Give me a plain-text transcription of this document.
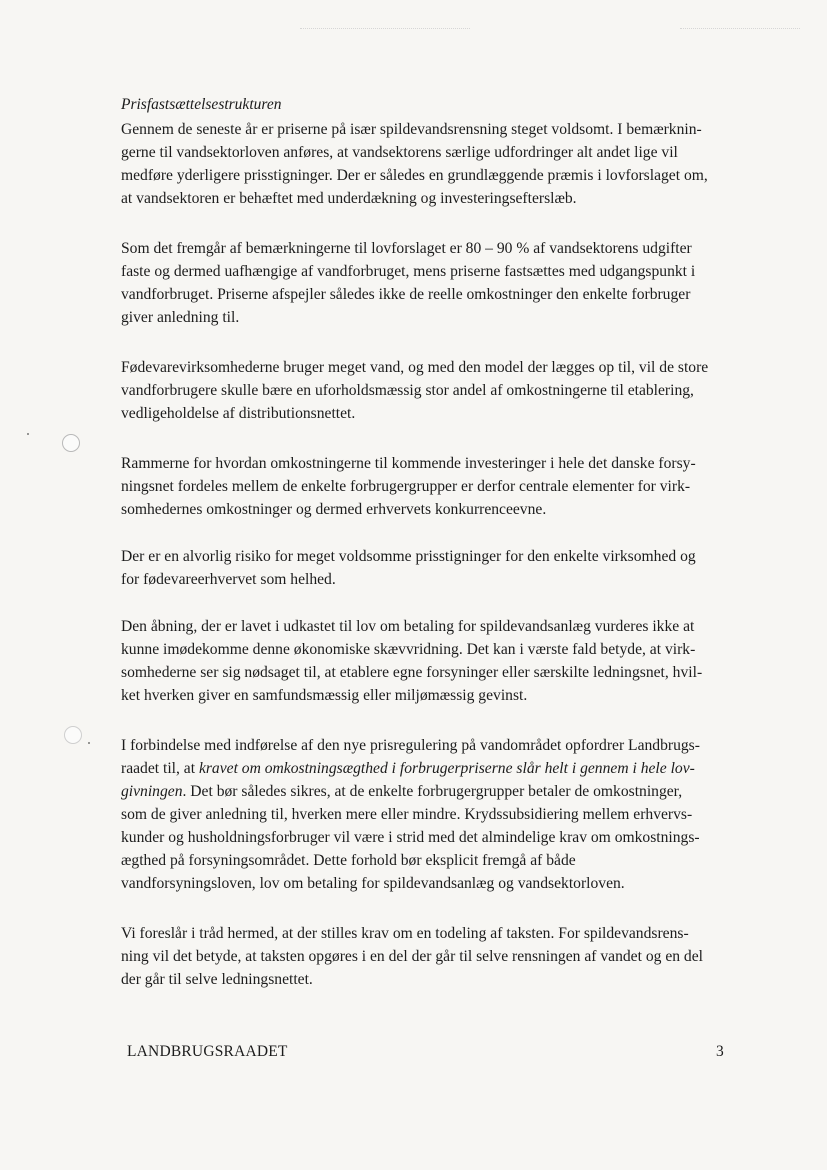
Prisfastsættelsestrukturen

Gennem de seneste år er priserne på især spildevandsrensning steget voldsomt. I bemærknin-
gerne til vandsektorloven anføres, at vandsektorens særlige udfordringer alt andet lige vil
medføre yderligere prisstigninger. Der er således en grundlæggende præmis i lovforslaget om,
at vandsektoren er behæftet med underdækning og investeringsefterslæb.

Som det fremgår af bemærkningerne til lovforslaget er 80 – 90 % af vandsektorens udgifter
faste og dermed uafhængige af vandforbruget, mens priserne fastsættes med udgangspunkt i
vandforbruget. Priserne afspejler således ikke de reelle omkostninger den enkelte forbruger
giver anledning til.

Fødevarevirksomhederne bruger meget vand, og med den model der lægges op til, vil de store
vandforbrugere skulle bære en uforholdsmæssig stor andel af omkostningerne til etablering,
vedligeholdelse af distributionsnettet.

Rammerne for hvordan omkostningerne til kommende investeringer i hele det danske forsy-
ningsnet fordeles mellem de enkelte forbrugergrupper er derfor centrale elementer for virk-
somhedernes omkostninger og dermed erhvervets konkurrenceevne.

Der er en alvorlig risiko for meget voldsomme prisstigninger for den enkelte virksomhed og
for fødevareerhvervet som helhed.

Den åbning, der er lavet i udkastet til lov om betaling for spildevandsanlæg vurderes ikke at
kunne imødekomme denne økonomiske skævvridning. Det kan i værste fald betyde, at virk-
somhederne ser sig nødsaget til, at etablere egne forsyninger eller særskilte ledningsnet, hvil-
ket hverken giver en samfundsmæssig eller miljømæssig gevinst.

I forbindelse med indførelse af den nye prisregulering på vandområdet opfordrer Landbrugs-
raadet til, at kravet om omkostningsægthed i forbrugerpriserne slår helt i gennem i hele lov-
givningen. Det bør således sikres, at de enkelte forbrugergrupper betaler de omkostninger,
som de giver anledning til, hverken mere eller mindre. Krydssubsidiering mellem erhvervs-
kunder og husholdningsforbruger vil være i strid med det almindelige krav om omkostnings-
ægthed på forsyningsområdet. Dette forhold bør eksplicit fremgå af både
vandforsyningsloven, lov om betaling for spildevandsanlæg og vandsektorloven.

Vi foreslår i tråd hermed, at der stilles krav om en todeling af taksten. For spildevandsrens-
ning vil det betyde, at taksten opgøres i en del der går til selve rensningen af vandet og en del
der går til selve ledningsnettet.

LANDBRUGSRAADET	3
